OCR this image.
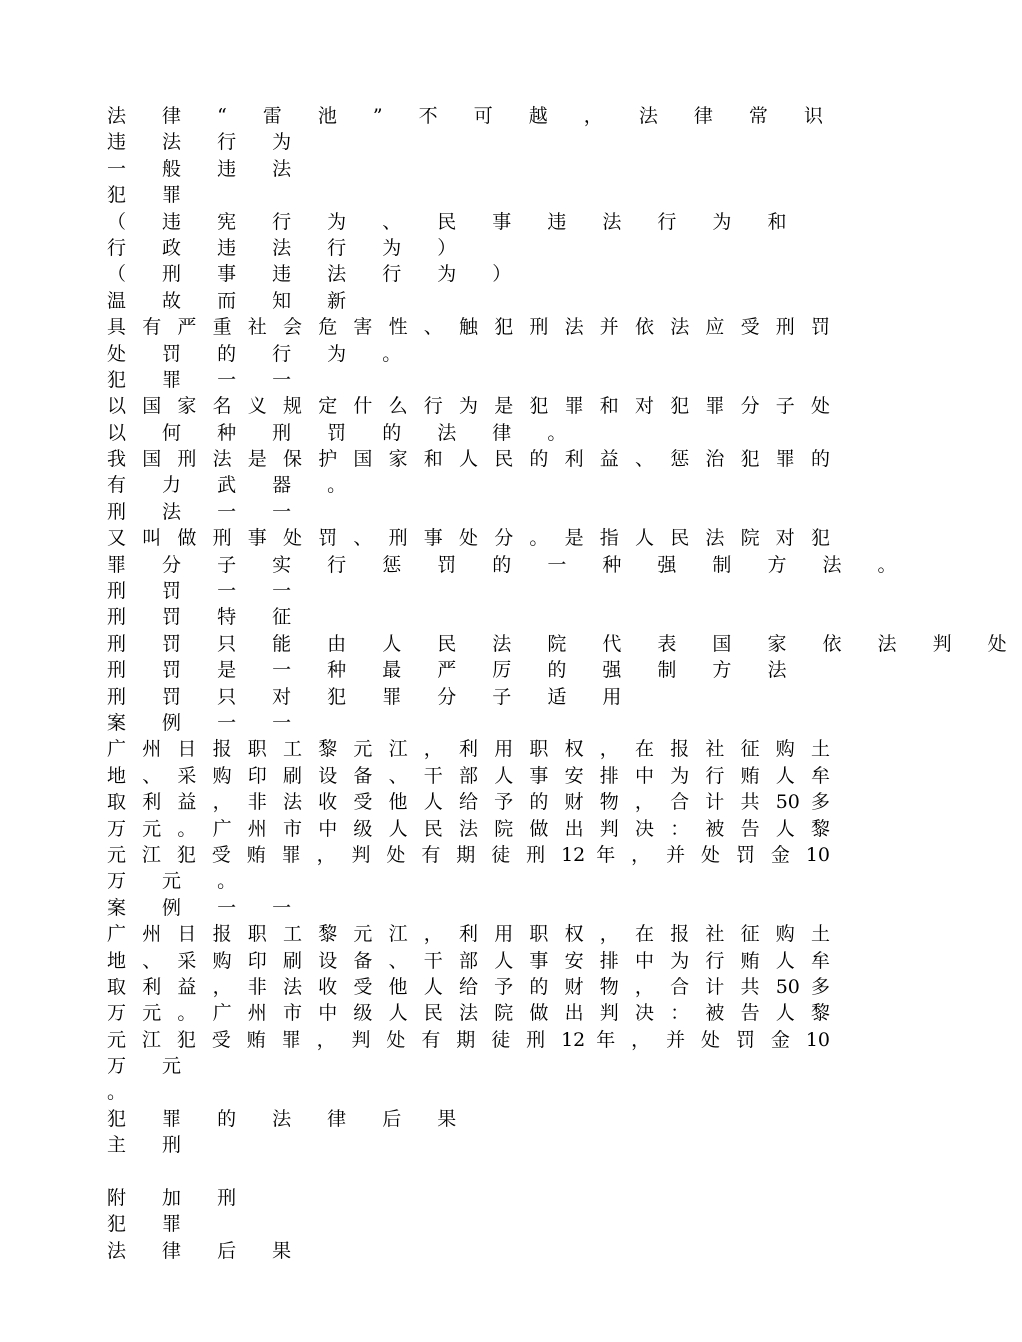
法 律 “ 雷 池 ” 不 可 越 ， 法 律 常 识
违 法 行 为
一 般 违 法
犯 罪
（ 违 宪 行 为 、 民 事 违 法 行 为 和
行 政 违 法 行 为 ）
（ 刑 事 违 法 行 为 ）
温 故 而 知 新
具 有 严 重 社 会 危 害 性 、 触 犯 刑 法 并 依 法 应 受 刑 罚
处 罚 的 行 为 。
犯 罪 一 一
以 国 家 名 义 规 定 什 么 行 为 是 犯 罪 和 对 犯 罪 分 子 处
以 何 种 刑 罚 的 法 律 。
我 国 刑 法 是 保 护 国 家 和 人 民 的 利 益 、 惩 治 犯 罪 的
有 力 武 器 。
刑 法 一 一
又 叫 做 刑 事 处 罚 、 刑 事 处 分 。 是 指 人 民 法 院 对 犯
罪 分 子 实 行 惩 罚 的 一 种 强 制 方 法 。
刑 罚 一 一
刑 罚 特 征
刑 罚 只 能 由 人 民 法 院 代 表 国 家 依 法 判 处
刑 罚 是 一 种 最 严 厉 的 强 制 方 法
刑 罚 只 对 犯 罪 分 子 适 用
案 例 一 一
广 州 日 报 职 工 黎 元 江 ， 利 用 职 权 ， 在 报 社 征 购 土
地 、 采 购 印 刷 设 备 、 干 部 人 事 安 排 中 为 行 贿 人 牟
取 利 益 ， 非 法 收 受 他 人 给 予 的 财 物 ， 合 计 共 50 多
万 元 。 广 州 市 中 级 人 民 法 院 做 出 判 决 ： 被 告 人 黎
元 江 犯 受 贿 罪 ， 判 处 有 期 徒 刑 12 年 ， 并 处 罚 金 10
万 元 。
案 例 一 一
广 州 日 报 职 工 黎 元 江 ， 利 用 职 权 ， 在 报 社 征 购 土
地 、 采 购 印 刷 设 备 、 干 部 人 事 安 排 中 为 行 贿 人 牟
取 利 益 ， 非 法 收 受 他 人 给 予 的 财 物 ， 合 计 共 50 多
万 元 。 广 州 市 中 级 人 民 法 院 做 出 判 决 ： 被 告 人 黎
元 江 犯 受 贿 罪 ， 判 处 有 期 徒 刑 12 年 ， 并 处 罚 金 10
万 元
。
犯 罪 的 法 律 后 果
主 刑
附 加 刑
犯 罪
法 律 后 果
